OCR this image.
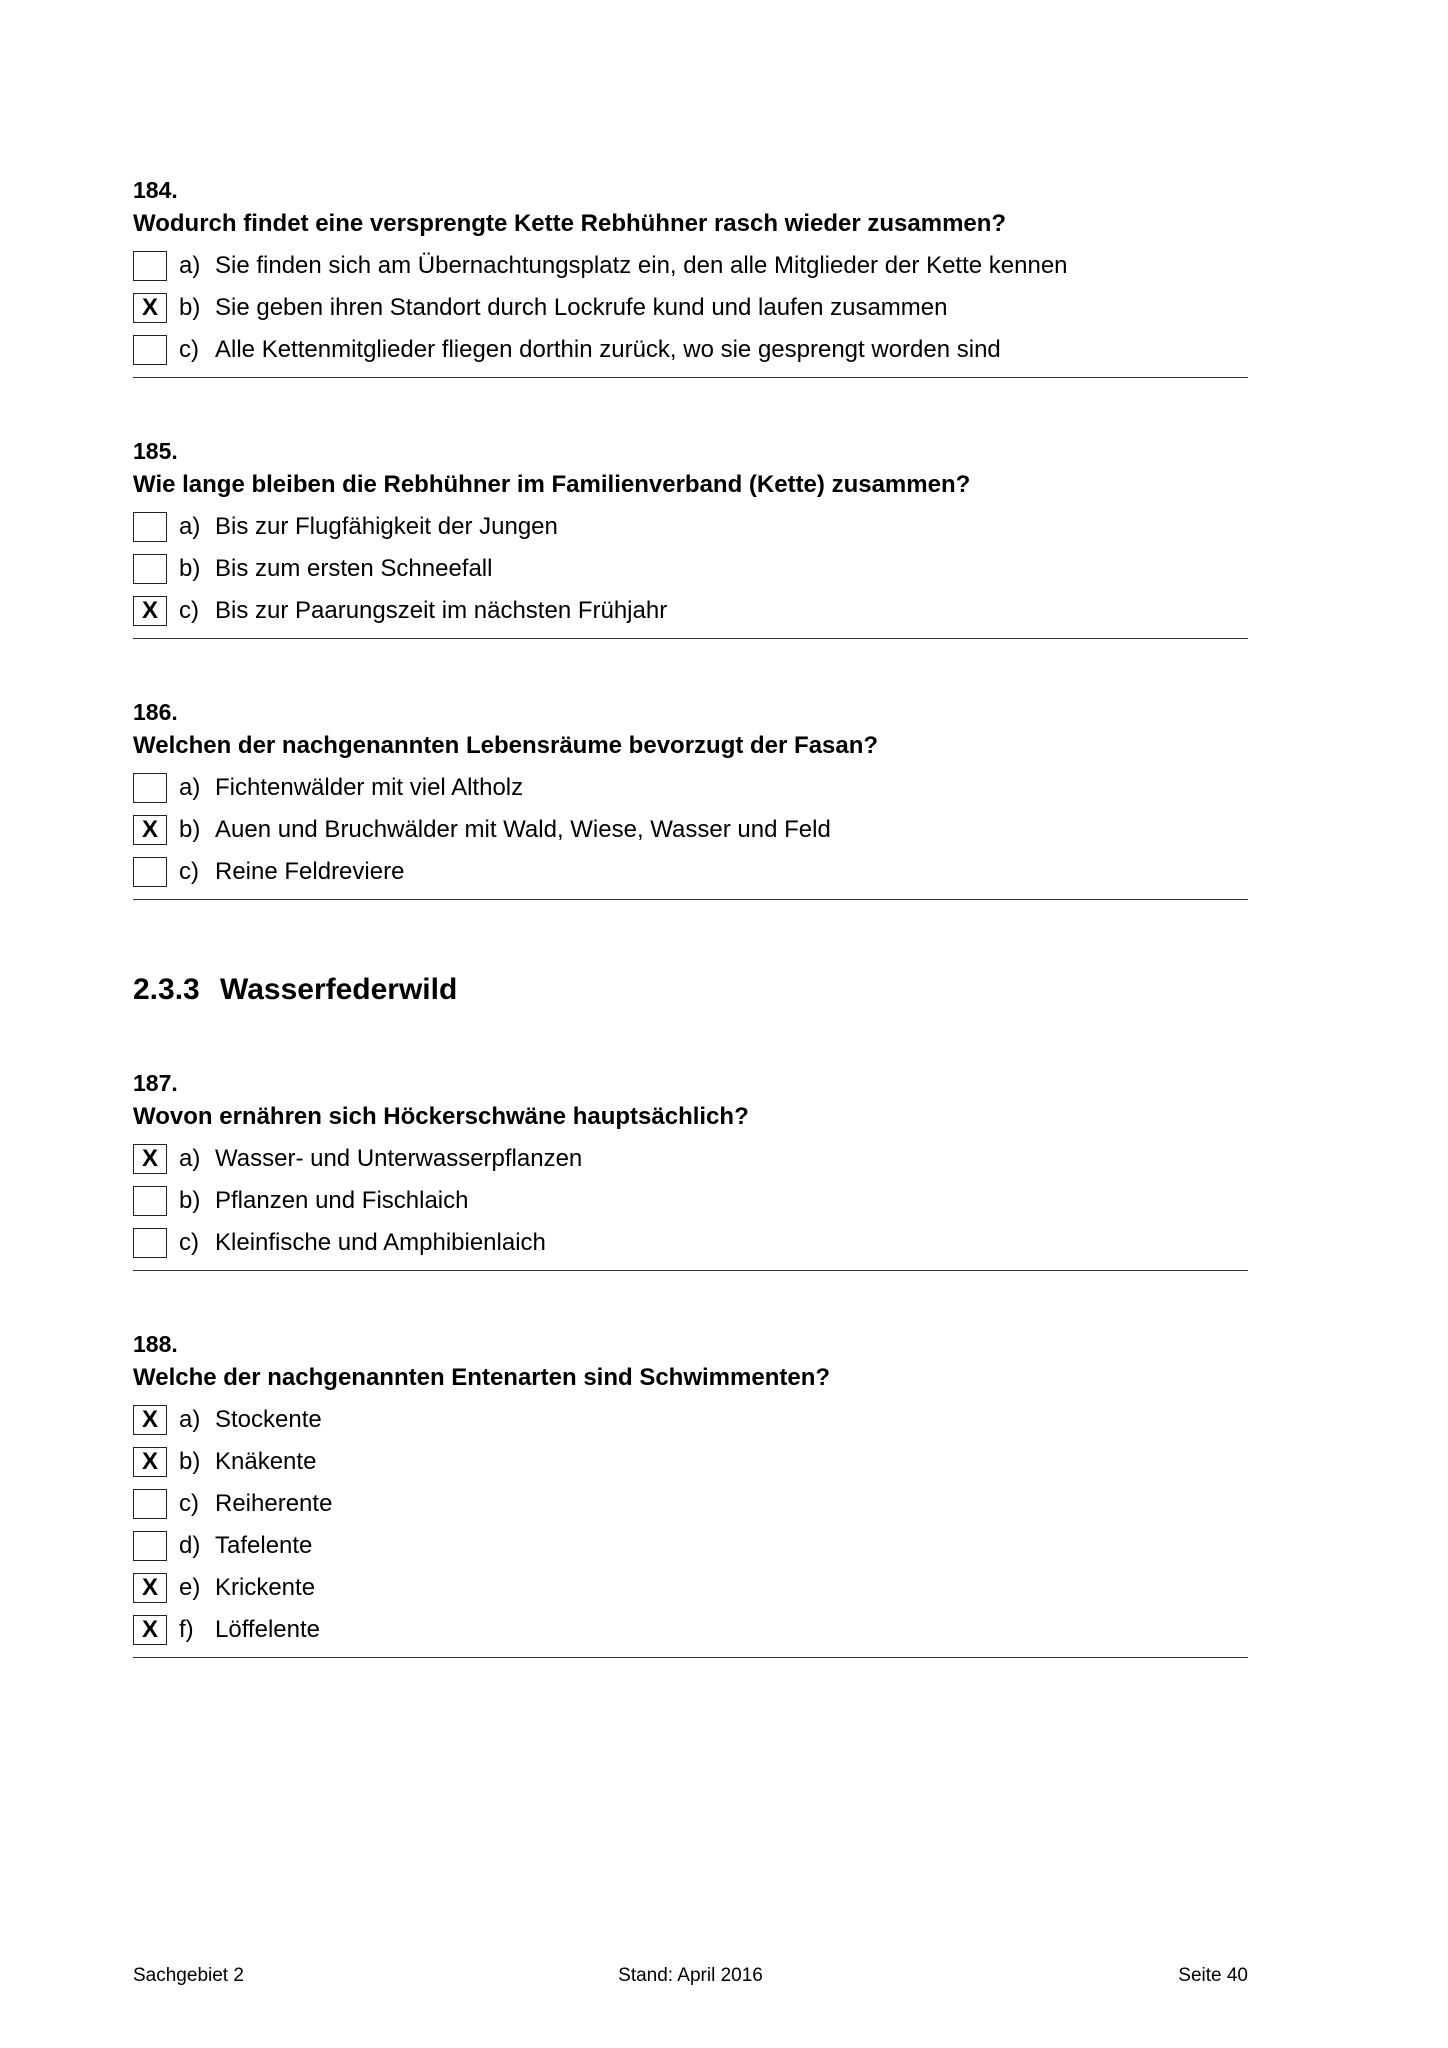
184.
Wodurch findet eine versprengte Kette Rebhühner rasch wieder zusammen?
a) Sie finden sich am Übernachtungsplatz ein, den alle Mitglieder der Kette kennen
X b) Sie geben ihren Standort durch Lockrufe kund und laufen zusammen
c) Alle Kettenmitglieder fliegen dorthin zurück, wo sie gesprengt worden sind
185.
Wie lange bleiben die Rebhühner im Familienverband (Kette) zusammen?
a) Bis zur Flugfähigkeit der Jungen
b) Bis zum ersten Schneefall
X c) Bis zur Paarungszeit im nächsten Frühjahr
186.
Welchen der nachgenannten Lebensräume bevorzugt der Fasan?
a) Fichtenwälder mit viel Altholz
X b) Auen und Bruchwälder mit Wald, Wiese, Wasser und Feld
c) Reine Feldreviere
2.3.3 Wasserfederwild
187.
Wovon ernähren sich Höckerschwäne hauptsächlich?
X a) Wasser- und Unterwasserpflanzen
b) Pflanzen und Fischlaich
c) Kleinfische und Amphibienlaich
188.
Welche der nachgenannten Entenarten sind Schwimmenten?
X a) Stockente
X b) Knäkente
c) Reiherente
d) Tafelente
X e) Krickente
X f) Löffelente
Sachgebiet 2	Stand: April 2016	Seite 40
